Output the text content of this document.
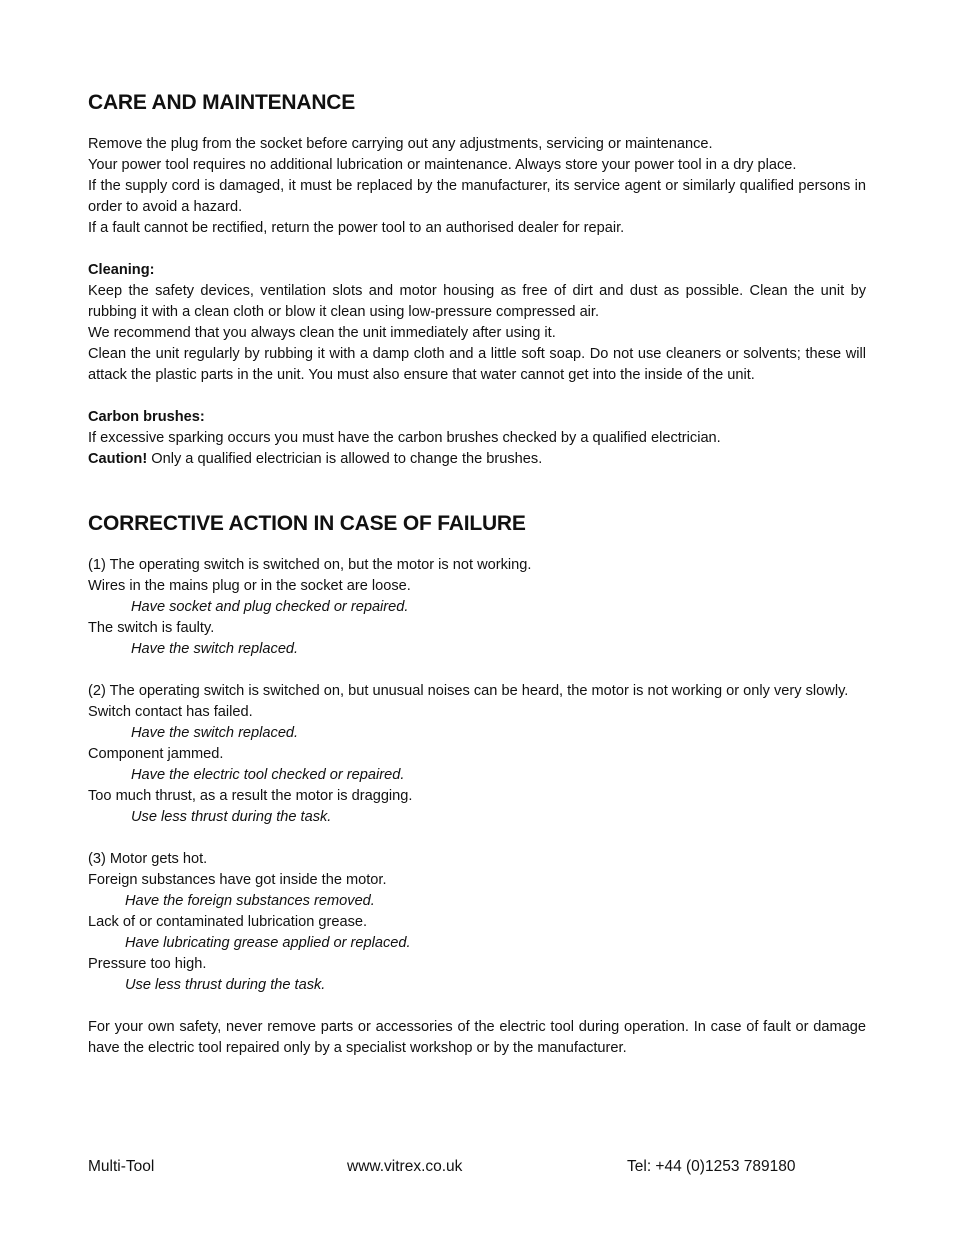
CARE AND MAINTENANCE

Remove the plug from the socket before carrying out any adjustments, servicing or maintenance.

Your power tool requires no additional lubrication or maintenance. Always store your power tool in a dry place.

If the supply cord is damaged, it must be replaced by the manufacturer, its service agent or similarly qualified persons in order to avoid a hazard.

If a fault cannot be rectified, return the power tool to an authorised dealer for repair.

Cleaning:

Keep the safety devices, ventilation slots and motor housing as free of dirt and dust as possible. Clean the unit by rubbing it with a clean cloth or blow it clean using low-pressure compressed air.

We recommend that you always clean the unit immediately after using it.

Clean the unit regularly by rubbing it with a damp cloth and a little soft soap. Do not use cleaners or solvents; these will attack the plastic parts in the unit. You must also ensure that water cannot get into the inside of the unit.

Carbon brushes:

If excessive sparking occurs you must have the carbon brushes checked by a qualified electrician.

Caution! Only a qualified electrician is allowed to change the brushes.

CORRECTIVE ACTION IN CASE OF FAILURE

(1) The operating switch is switched on, but the motor is not working.

Wires in the mains plug or in the socket are loose.

Have socket and plug checked or repaired.

The switch is faulty.

Have the switch replaced.

(2) The operating switch is switched on, but unusual noises can be heard, the motor is not working or only very slowly.

Switch contact has failed.

Have the switch replaced.

Component jammed.

Have the electric tool checked or repaired.

Too much thrust, as a result the motor is dragging.

Use less thrust during the task.

(3) Motor gets hot.

Foreign substances have got inside the motor.

Have the foreign substances removed.

Lack of or contaminated lubrication grease.

Have lubricating grease applied or replaced.

Pressure too high.

Use less thrust during the task.

For your own safety, never remove parts or accessories of the electric tool during operation. In case of fault or damage have the electric tool repaired only by a specialist workshop or by the manufacturer.

Multi-Tool	www.vitrex.co.uk	Tel: +44 (0)1253 789180
